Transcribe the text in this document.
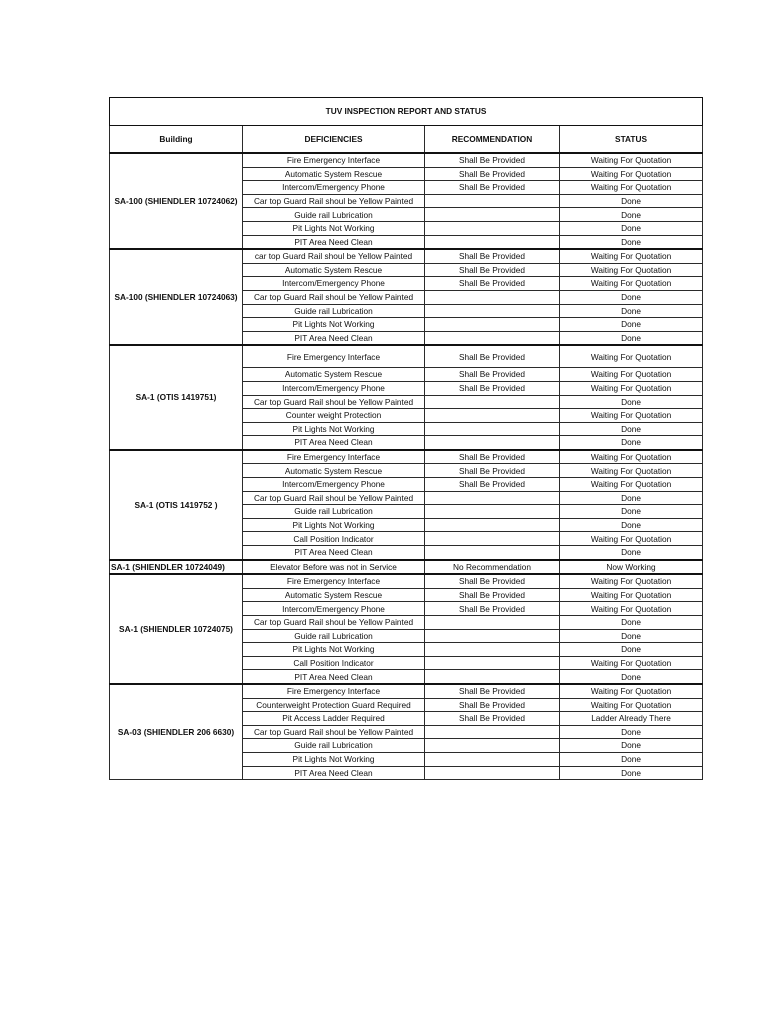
TUV INSPECTION REPORT AND STATUS			
Building	DEFICIENCIES	RECOMMENDATION	STATUS
SA-100 (SHIENDLER 10724062)	Fire Emergency Interface	Shall Be Provided	Waiting For Quotation
	Automatic System Rescue	Shall Be Provided	Waiting For Quotation
	Intercom/Emergency Phone	Shall Be Provided	Waiting For Quotation
	Car top Guard Rail shoul be Yellow Painted		Done
	Guide rail Lubrication		Done
	Pit Lights Not Working		Done
	PIT Area Need Clean		Done
SA-100 (SHIENDLER 10724063)	car top Guard Rail shoul be Yellow Painted	Shall Be Provided	Waiting For Quotation
	Automatic System Rescue	Shall Be Provided	Waiting For Quotation
	Intercom/Emergency Phone	Shall Be Provided	Waiting For Quotation
	Car top Guard Rail shoul be Yellow Painted		Done
	Guide rail Lubrication		Done
	Pit Lights Not Working		Done
	PIT Area Need Clean		Done
SA-1 (OTIS 1419751)	Fire Emergency Interface	Shall Be Provided	Waiting For Quotation
	Automatic System Rescue	Shall Be Provided	Waiting For Quotation
	Intercom/Emergency Phone	Shall Be Provided	Waiting For Quotation
	Car top Guard Rail shoul be Yellow Painted		Done
	Counter weight Protection		Waiting For Quotation
	Pit Lights Not Working		Done
	PIT Area Need Clean		Done
SA-1 (OTIS 1419752 )	Fire Emergency Interface	Shall Be Provided	Waiting For Quotation
	Automatic System Rescue	Shall Be Provided	Waiting For Quotation
	Intercom/Emergency Phone	Shall Be Provided	Waiting For Quotation
	Car top Guard Rail shoul be Yellow Painted		Done
	Guide rail Lubrication		Done
	Pit Lights Not Working		Done
	Call Position Indicator		Waiting For Quotation
	PIT Area Need Clean		Done
SA-1 (SHIENDLER 10724049)	Elevator Before was not in Service	No Recommendation	Now Working
SA-1 (SHIENDLER 10724075)	Fire Emergency Interface	Shall Be Provided	Waiting For Quotation
	Automatic System Rescue	Shall Be Provided	Waiting For Quotation
	Intercom/Emergency Phone	Shall Be Provided	Waiting For Quotation
	Car top Guard Rail shoul be Yellow Painted		Done
	Guide rail Lubrication		Done
	Pit Lights Not Working		Done
	Call Position Indicator		Waiting For Quotation
	PIT Area Need Clean		Done
SA-03 (SHIENDLER 206 6630)	Fire Emergency Interface	Shall Be Provided	Waiting For Quotation
	Counterweight Protection Guard Required	Shall Be Provided	Waiting For Quotation
	Pit Access Ladder Required	Shall Be Provided	Ladder Already There
	Car top Guard Rail shoul be Yellow Painted		Done
	Guide rail Lubrication		Done
	Pit Lights Not Working		Done
	PIT Area Need Clean		Done
